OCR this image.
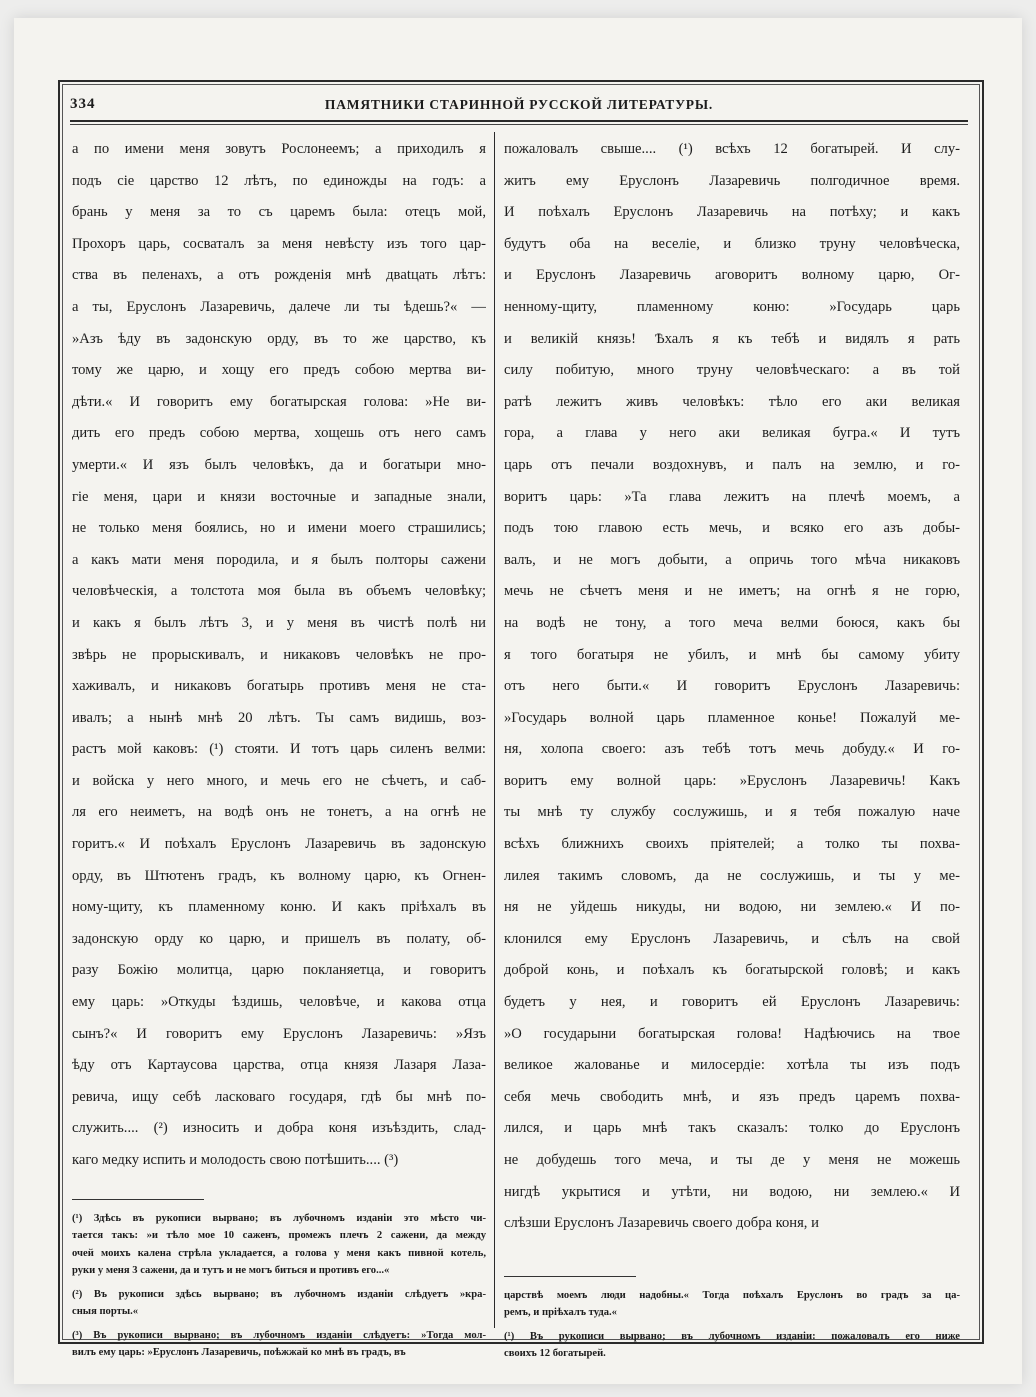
334	ПАМЯТНИКИ СТАРИННОЙ РУССКОЙ ЛИТЕРАТУРЫ.
а по имени меня зовутъ Рослонеемъ; а приходилъ я
подъ сіе царство 12 лѣтъ, по единожды на годъ: а
брань у меня за то съ царемъ была: отецъ мой,
Прохоръ царь, сосваталъ за меня невѣсту изъ того цар-
ства въ пеленахъ, а отъ рожденія мнѣ двatцать лѣтъ:
а ты, Еруслонъ Лазаревичь, далече ли ты ѣдешь?« —
»Азъ ѣду въ задонскую орду, въ то же царство, къ
тому же царю, и хощу его предъ собою мертва ви-
дѣти.« И говоритъ ему богатырская голова: »Не ви-
дить его предъ собою мертва, хощешь отъ него самъ
умерти.« И язъ былъ человѣкъ, да и богатыри мно-
гіе меня, цари и князи восточные и западные знали,
не только меня боялись, но и имени моего страшились;
а какъ мати меня породила, и я былъ полторы сажени
человѣческія, а толстота моя была въ объемъ человѣку;
и какъ я былъ лѣтъ 3, и у меня въ чистѣ полѣ ни
звѣрь не прорыскивалъ, и никаковъ человѣкъ не про-
хаживалъ, и никаковъ богатырь противъ меня не ста-
ивалъ; а нынѣ мнѣ 20 лѣтъ. Ты самъ видишь, воз-
растъ мой каковъ: (¹) стояти. И тотъ царь силенъ велми:
и войска у него много, и мечь его не сѣчетъ, и саб-
ля его неиметъ, на водѣ онъ не тонетъ, а на огнѣ не
горитъ.« И поѣхалъ Еруслонъ Лазаревичь въ задонскую
орду, въ Штютенъ градъ, къ волному царю, къ Огнен-
ному-щиту, къ пламенному коню. И какъ пріѣхалъ въ
задонскую орду ко царю, и пришелъ въ полату, об-
разу Божію молитца, царю покланяетца, и говоритъ
ему царь: »Откуды ѣздишь, человѣче, и какова отца
сынъ?« И говоритъ ему Еруслонъ Лазаревичь: »Язъ
ѣду отъ Картаусова царства, отца князя Лазаря Лаза-
ревича, ищу себѣ ласковаго государя, гдѣ бы мнѣ по-
служить.... (²) износить и добра коня изъѣздить, слад-
каго медку испить и молодость свою потѣшить.... (³)
(¹) Здѣсь въ рукописи вырвано; въ лубочномъ изданіи это мѣсто чи-
тается такъ: »и тѣло мое 10 саженъ, промежъ плечъ 2 сажени, да между
очей моихъ калена стрѣла укладается, а голова у меня какъ пивной котель,
руки у меня 3 сажени, да и тутъ и не могъ биться и противъ его...«
(²) Въ рукописи здѣсь вырвано; въ лубочномъ изданіи слѣдуетъ »кра-
сныя порты.«
(³) Въ рукописи вырвано; въ лубочномъ изданіи слѣдуетъ: »Тогда мол-
вилъ ему царь: »Еруслонъ Лазаревичь, поѣжжай ко мнѣ въ градъ, въ
пожаловалъ свыше.... (¹) всѣхъ 12 богатырей. И слу-
житъ ему Еруслонъ Лазаревичь полгодичное время.
И поѣхалъ Еруслонъ Лазаревичь на потѣху; и какъ
будутъ оба на веселіе, и близко труну человѣческа,
и Еруслонъ Лазаревичь аговоритъ волному царю, Ог-
ненному-щиту, пламенному коню: »Государь царь
и великій князь! Ѣхалъ я къ тебѣ и видялъ я рать
силу побитую, много труну человѣческаго: а въ той
ратѣ лежитъ живъ человѣкъ: тѣло его аки великая
гора, а глава у него аки великая бугра.« И тутъ
царь отъ печали воздохнувъ, и палъ на землю, и го-
воритъ царь: »Та глава лежитъ на плечѣ моемъ, а
подъ тою главою есть мечь, и всяко его азъ добы-
валъ, и не могъ добыти, а опричь того мѣча никаковъ
мечь не сѣчетъ меня и не иметъ; на огнѣ я не горю,
на водѣ не тону, а того меча велми боюся, какъ бы
я того богатыря не убилъ, и мнѣ бы самому убиту
отъ него быти.« И говоритъ Еруслонъ Лазаревичь:
»Государь волной царь пламенное конье! Пожалуй ме-
ня, холопа своего: азъ тебѣ тотъ мечь добуду.« И го-
воритъ ему волной царь: »Еруслонъ Лазаревичь! Какъ
ты мнѣ ту службу сослужишь, и я тебя пожалую наче
всѣхъ ближнихъ своихъ пріятелей; а толко ты похва-
лилея такимъ словомъ, да не сослужишь, и ты у ме-
ня не уйдешь никуды, ни водою, ни землею.« И по-
клонился ему Еруслонъ Лазаревичь, и сѣлъ на свой
доброй конь, и поѣхалъ къ богатырской головѣ; и какъ
будетъ у нея, и говоритъ ей Еруслонъ Лазаревичь:
»О государыни богатырская голова! Надѣючись на твое
великое жалованье и милосердіе: хотѣла ты изъ подъ
себя мечь свободить мнѣ, и язъ предъ царемъ похва-
лился, и царь мнѣ такъ сказалъ: толко до Еруслонъ
не добудешь того меча, и ты де у меня не можешь
нигдѣ укрытися и утѣти, ни водою, ни землею.« И
слѣзши Еруслонъ Лазаревичь своего добра коня, и
царствѣ моемъ люди надобны.« Тогда поѣхалъ Еруслонъ во градъ за ца-
ремъ, и пріѣхалъ туда.«
(¹) Въ рукописи вырвано; въ лубочномъ изданіи: пожаловалъ его ниже
своихъ 12 богатырей.
